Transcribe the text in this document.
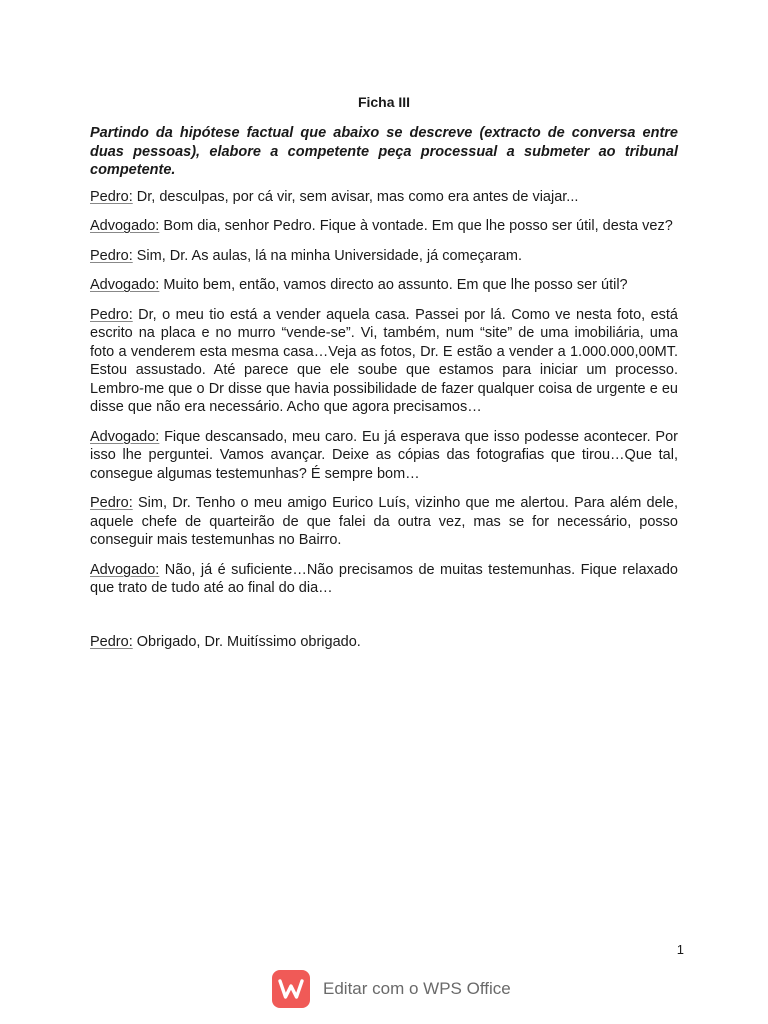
Ficha III

Partindo da hipótese factual que abaixo se descreve (extracto de conversa entre duas pessoas), elabore a competente peça processual a submeter ao tribunal competente.

Pedro: Dr, desculpas, por cá vir, sem avisar, mas como era antes de viajar...

Advogado: Bom dia, senhor Pedro. Fique à vontade. Em que lhe posso ser útil, desta vez?

Pedro: Sim, Dr. As aulas, lá na minha Universidade, já começaram.

Advogado: Muito bem, então, vamos directo ao assunto. Em que lhe posso ser útil?

Pedro: Dr, o meu tio está a vender aquela casa. Passei por lá. Como ve nesta foto, está escrito na placa e no murro “vende-se”. Vi, também, num “site” de uma imobiliária, uma foto a venderem esta mesma casa…Veja as fotos, Dr. E estão a vender a 1.000.000,00MT. Estou assustado. Até parece que ele soube que estamos para iniciar um processo. Lembro-me que o Dr disse que havia possibilidade de fazer qualquer coisa de urgente e eu disse que não era necessário. Acho que agora precisamos…

Advogado: Fique descansado, meu caro. Eu já esperava que isso podesse acontecer. Por isso lhe perguntei. Vamos avançar. Deixe as cópias das fotografias que tirou…Que tal, consegue algumas testemunhas? É sempre bom…

Pedro: Sim, Dr. Tenho o meu amigo Eurico Luís, vizinho que me alertou. Para além dele, aquele chefe de quarteirão de que falei da outra vez, mas se for necessário, posso conseguir mais testemunhas no Bairro.

Advogado: Não, já é suficiente…Não precisamos de muitas testemunhas. Fique relaxado que trato de tudo até ao final do dia…

Pedro: Obrigado, Dr. Muitíssimo obrigado.

1
Editar com o WPS Office
